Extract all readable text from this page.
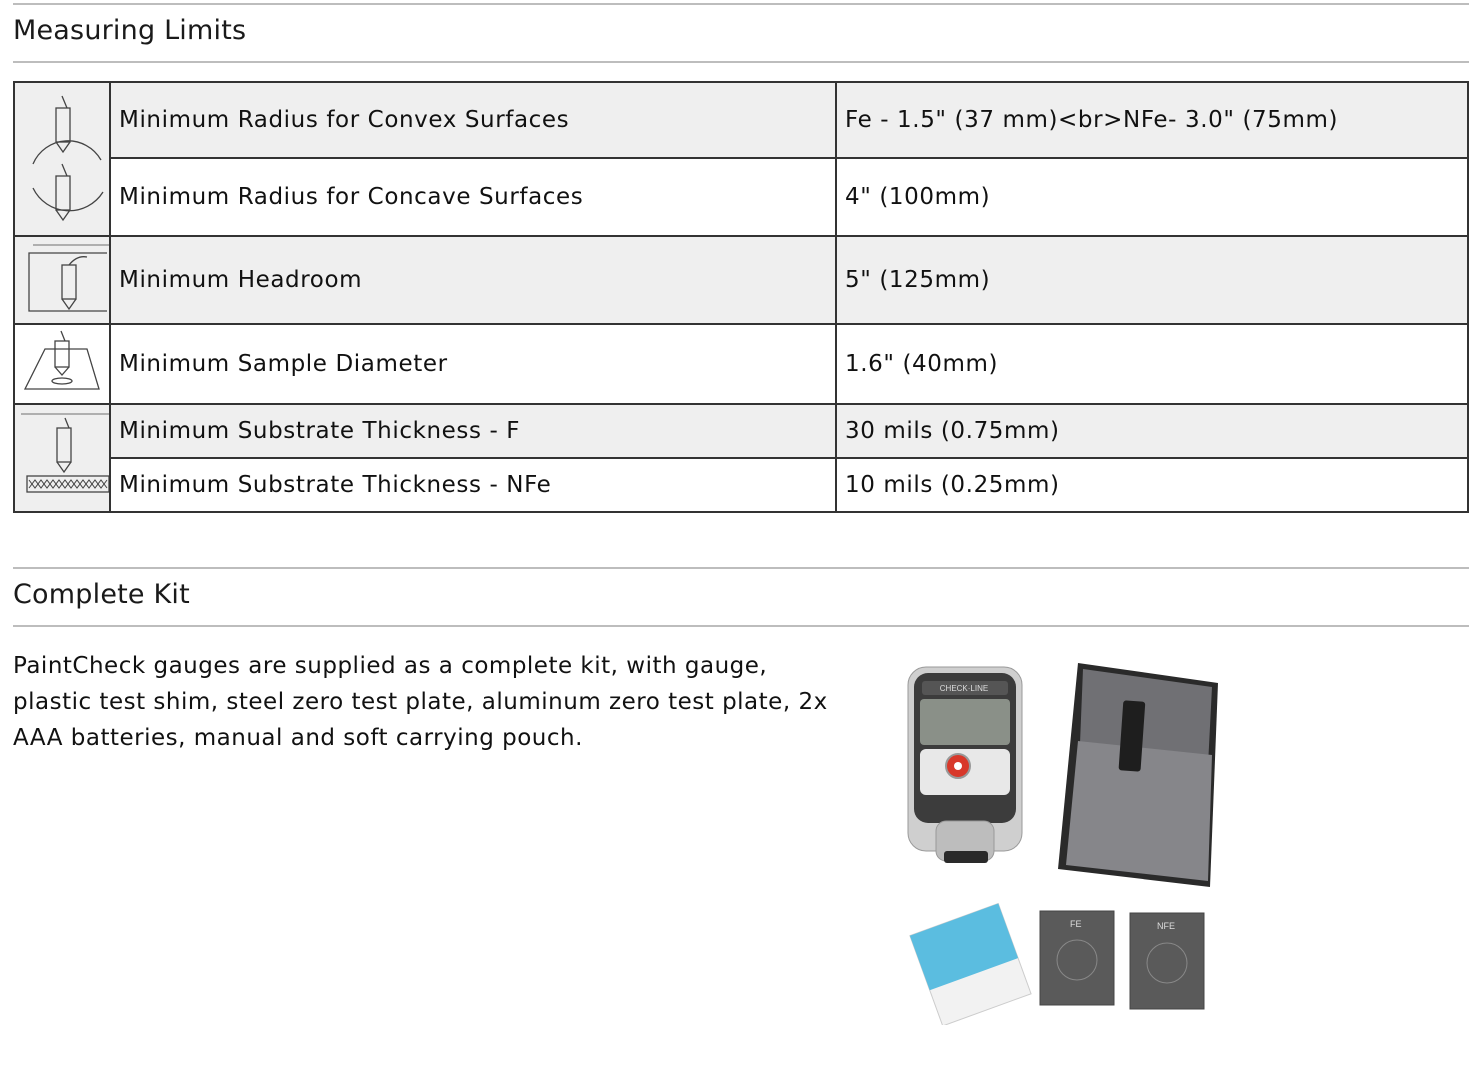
Measuring Limits
	Minimum Radius for Convex Surfaces	Fe - 1.5" (37 mm)<br>NFe- 3.0" (75mm)
	Minimum Radius for Concave Surfaces	4" (100mm)

	Minimum Headroom	5" (125mm)

	Minimum Sample Diameter	1.6" (40mm)

	Minimum Substrate Thickness - F	30 mils (0.75mm)
	Minimum Substrate Thickness - NFe	10 mils (0.25mm)
Complete Kit

PaintCheck gauges are supplied as a complete kit, with gauge, plastic test shim, steel zero test plate, aluminum zero test plate, 2x AAA batteries, manual and soft carrying pouch.

CHECK·LINE
FE	NFE
